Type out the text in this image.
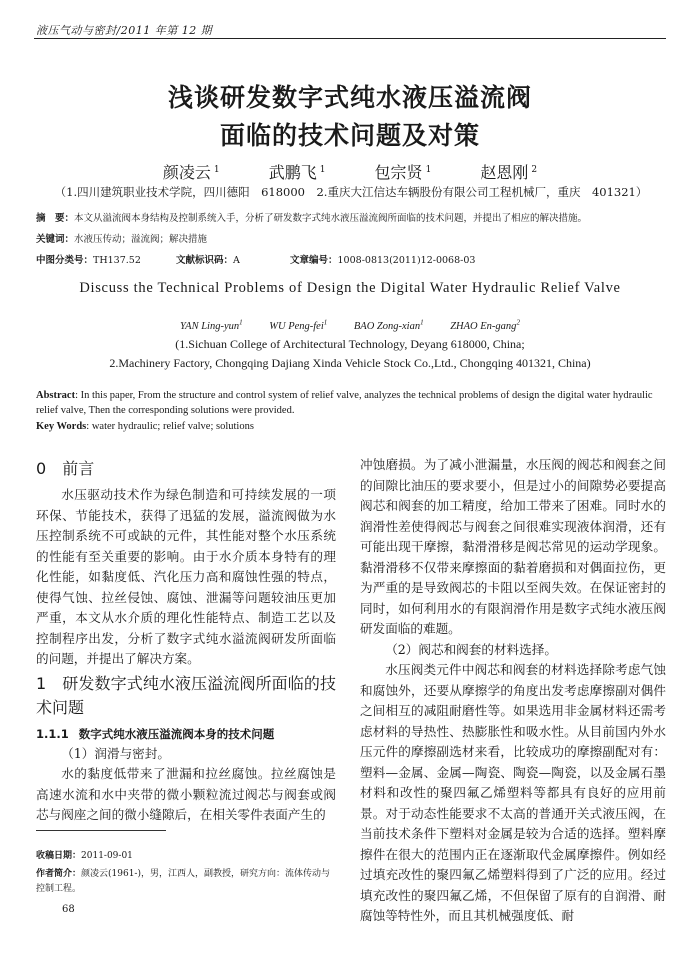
液压气动与密封/2011 年第 12 期
浅谈研发数字式纯水液压溢流阀
面临的技术问题及对策
颜凌云 $^1$	武鹏飞 $^1$	包宗贤 $^1$	赵恩刚 $^2$
（1.四川建筑职业技术学院，四川德阳　618000　2.重庆大江信达车辆股份有限公司工程机械厂，重庆　401321）
摘　要：本文从溢流阀本身结构及控制系统入手，分析了研发数字式纯水液压溢流阀所面临的技术问题，并提出了相应的解决措施。
关键词：水液压传动；溢流阀；解决措施
中图分类号：TH137.52	文献标识码：A	文章编号：1008-0813(2011)12-0068-03
Discuss the Technical Problems of Design the Digital Water Hydraulic Relief Valve
YAN Ling-yun$^1$	WU Peng-fei$^1$	BAO Zong-xian$^1$	ZHAO En-gang$^2$
(1.Sichuan College of Architectural Technology, Deyang 618000, China;
2.Machinery Factory, Chongqing Dajiang Xinda Vehicle Stock Co.,Ltd., Chongqing 401321, China)
Abstract: In this paper, From the structure and control system of relief valve, analyzes the technical problems of design the digital water hydraulic relief valve, Then the corresponding solutions were provided.
Key Words: water hydraulic; relief valve; solutions
0 前言

水压驱动技术作为绿色制造和可持续发展的一项环保、节能技术，获得了迅猛的发展，溢流阀做为水压控制系统不可或缺的元件，其性能对整个水压系统的性能有至关重要的影响。由于水介质本身特有的理化性能，如黏度低、汽化压力高和腐蚀性强的特点，使得气蚀、拉丝侵蚀、腐蚀、泄漏等问题较油压更加严重，本文从水介质的理化性能特点、制造工艺以及控制程序出发，分析了数字式纯水溢流阀研发所面临的问题，并提出了解决方案。

1 研发数字式纯水液压溢流阀所面临的技术问题
1.1.1 数字式纯水液压溢流阀本身的技术问题

（1）润滑与密封。

水的黏度低带来了泄漏和拉丝腐蚀。拉丝腐蚀是高速水流和水中夹带的微小颗粒流过阀芯与阀套或阀芯与阀座之间的微小缝隙后，在相关零件表面产生的

冲蚀磨损。为了减小泄漏量，水压阀的阀芯和阀套之间的间隙比油压的要求要小，但是过小的间隙势必要提高阀芯和阀套的加工精度，给加工带来了困难。同时水的润滑性差使得阀芯与阀套之间很难实现液体润滑，还有可能出现干摩擦，黏滑滑移是阀芯常见的运动学现象。黏滑滑移不仅带来摩擦面的黏着磨损和对偶面拉伤，更为严重的是导致阀芯的卡阻以至阀失效。在保证密封的同时，如何利用水的有限润滑作用是数字式纯水液压阀研发面临的难题。

（2）阀芯和阀套的材料选择。

水压阀类元件中阀芯和阀套的材料选择除考虑气蚀和腐蚀外，还要从摩擦学的角度出发考虑摩擦副对偶件之间相互的减阻耐磨性等。如果选用非金属材料还需考虑材料的导热性、热膨胀性和吸水性。从目前国内外水压元件的摩擦副选材来看，比较成功的摩擦副配对有：塑料—金属、金属—陶瓷、陶瓷—陶瓷，以及金属石墨材料和改性的聚四氟乙烯塑料等都具有良好的应用前景。对于动态性能要求不太高的普通开关式液压阀，在当前技术条件下塑料对金属是较为合适的选择。塑料摩擦件在很大的范围内正在逐渐取代金属摩擦件。例如经过填充改性的聚四氟乙烯塑料得到了广泛的应用。经过填充改性的聚四氟乙烯，不但保留了原有的自润滑、耐腐蚀等特性外，而且其机械强度低、耐

收稿日期：2011-09-01
作者简介：颜凌云(1961-)，男，江西人，副教授，研究方向：流体传动与控制工程。
68
